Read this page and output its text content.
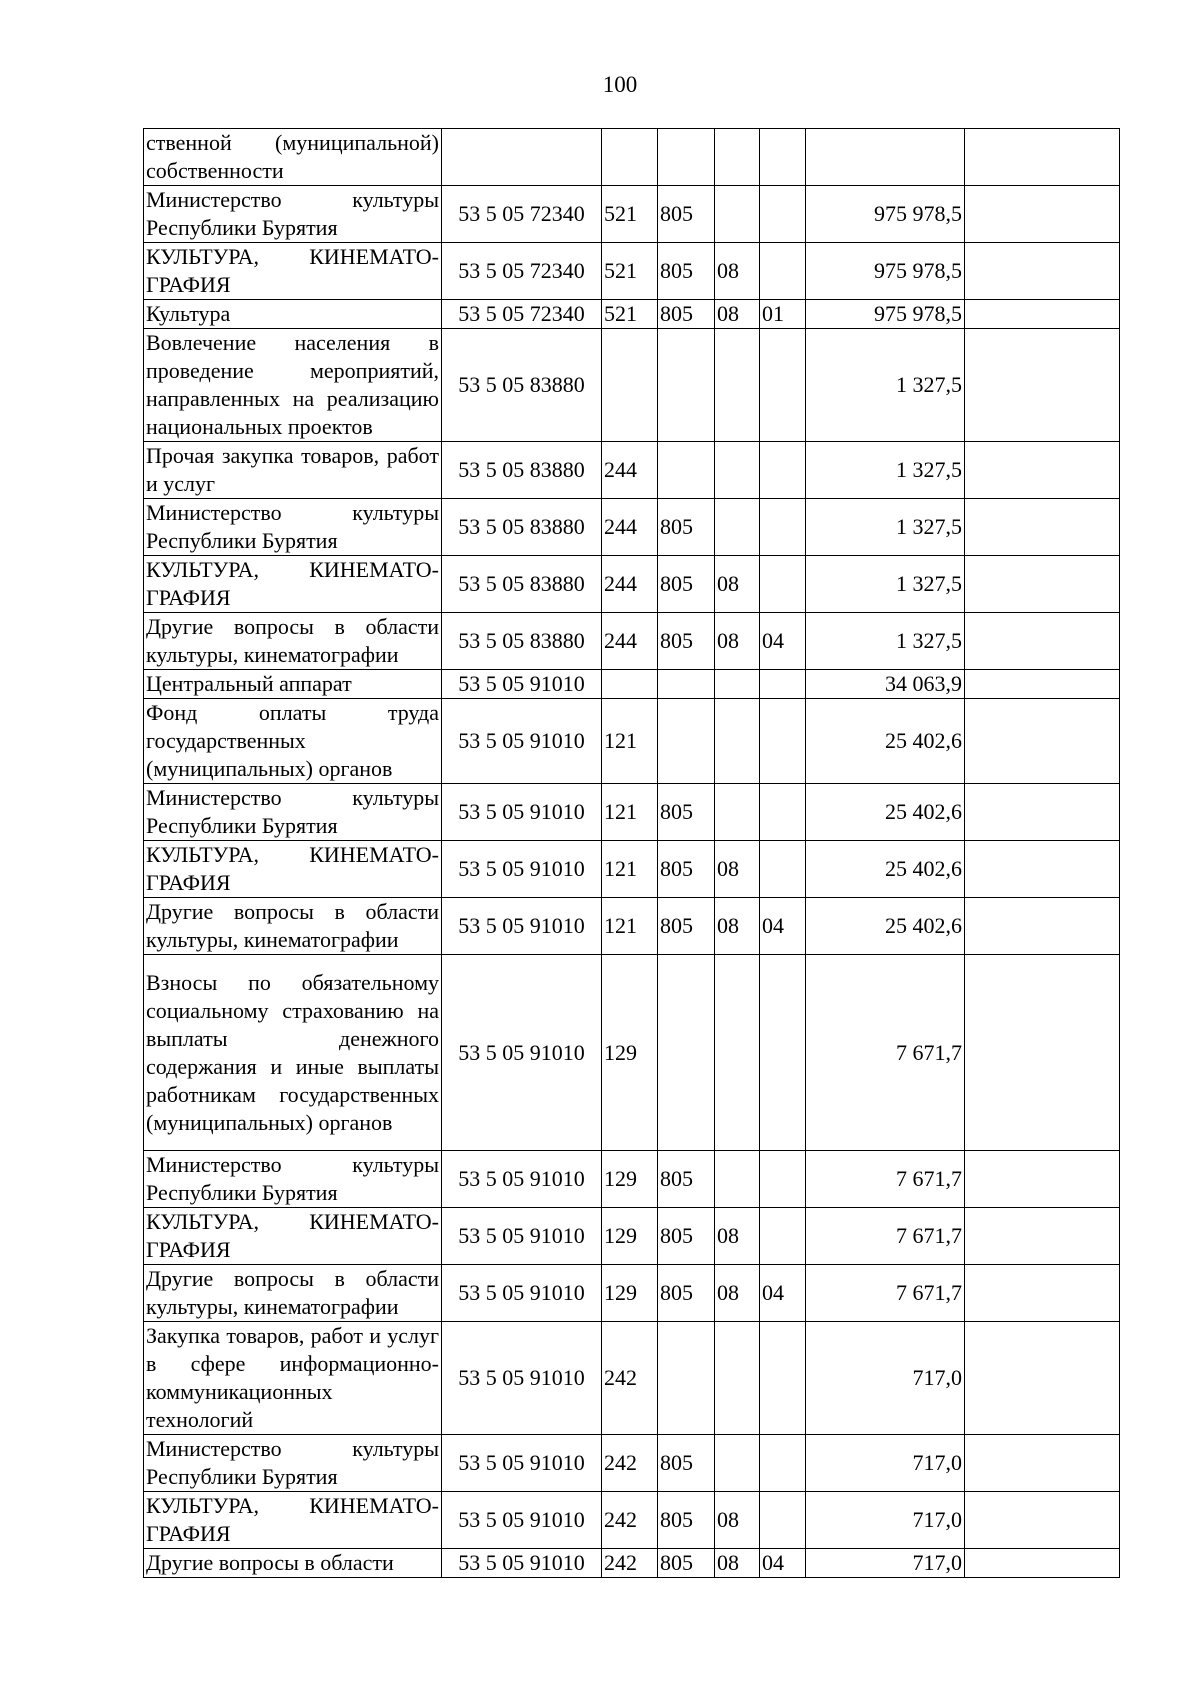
100
ственной (муниципальной) собственности							
Министерство культуры Республики Бурятия	53 5 05 72340	521	805			975 978,5	
КУЛЬТУРА, КИНЕМАТО-ГРАФИЯ	53 5 05 72340	521	805	08		975 978,5	
Культура	53 5 05 72340	521	805	08	01	975 978,5	
Вовлечение населения в проведение мероприятий, направленных на реализацию национальных проектов	53 5 05 83880					1 327,5	
Прочая закупка товаров, работ и услуг	53 5 05 83880	244				1 327,5	
Министерство культуры Республики Бурятия	53 5 05 83880	244	805			1 327,5	
КУЛЬТУРА, КИНЕМАТО-ГРАФИЯ	53 5 05 83880	244	805	08		1 327,5	
Другие вопросы в области культуры, кинематографии	53 5 05 83880	244	805	08	04	1 327,5	
Центральный аппарат	53 5 05 91010					34 063,9	
Фонд оплаты труда государственных (муниципальных) органов	53 5 05 91010	121				25 402,6	
Министерство культуры Республики Бурятия	53 5 05 91010	121	805			25 402,6	
КУЛЬТУРА, КИНЕМАТО-ГРАФИЯ	53 5 05 91010	121	805	08		25 402,6	
Другие вопросы в области культуры, кинематографии	53 5 05 91010	121	805	08	04	25 402,6	
Взносы по обязательному социальному страхованию на выплаты денежного содержания и иные выплаты работникам государственных (муниципальных) органов	53 5 05 91010	129				7 671,7	
Министерство культуры Республики Бурятия	53 5 05 91010	129	805			7 671,7	
КУЛЬТУРА, КИНЕМАТО-ГРАФИЯ	53 5 05 91010	129	805	08		7 671,7	
Другие вопросы в области культуры, кинематографии	53 5 05 91010	129	805	08	04	7 671,7	
Закупка товаров, работ и услуг в сфере информационно-коммуникационных технологий	53 5 05 91010	242				717,0	
Министерство культуры Республики Бурятия	53 5 05 91010	242	805			717,0	
КУЛЬТУРА, КИНЕМАТО-ГРАФИЯ	53 5 05 91010	242	805	08		717,0	
Другие вопросы в области	53 5 05 91010	242	805	08	04	717,0	
